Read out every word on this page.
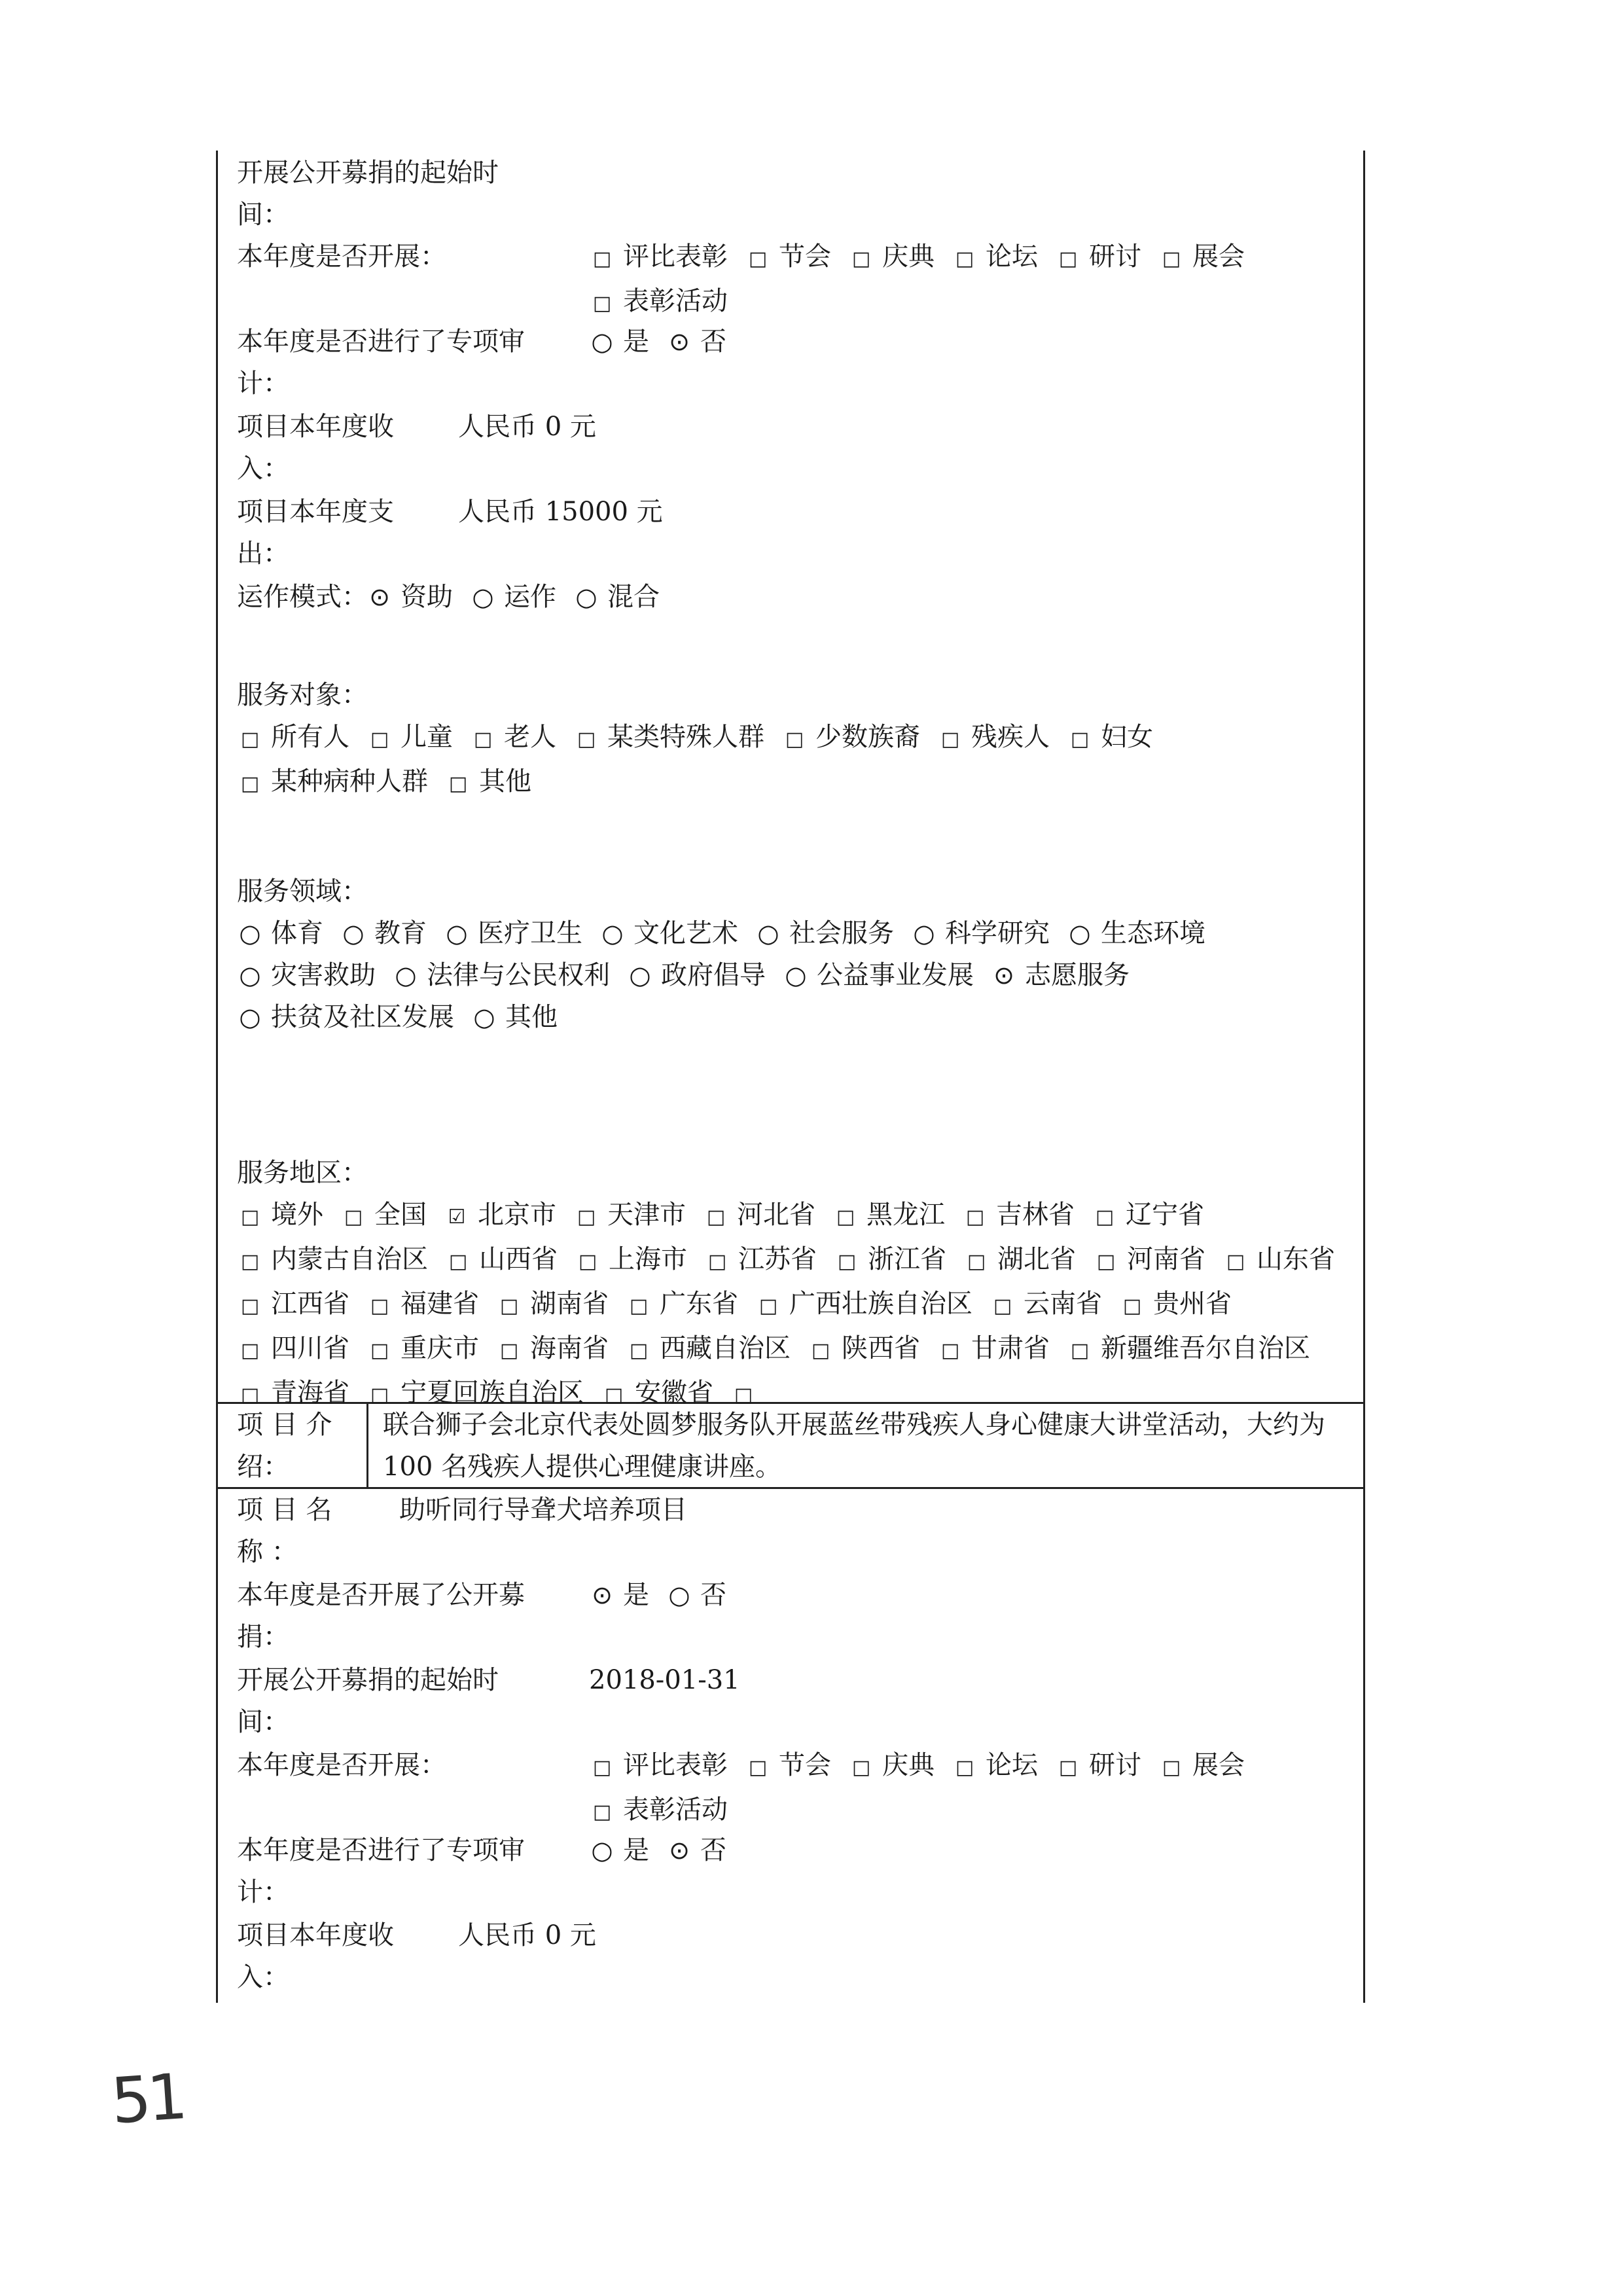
开展公开募捐的起始时
间：
本年度是否开展：	□ 评比表彰 □ 节会 □ 庆典 □ 论坛 □ 研讨 □ 展会□ 表彰活动
本年度是否进行了专项审
计：
○ 是 ⊙ 否
项目本年度收
入：
人民币 0 元
项目本年度支
出：
人民币 15000 元
运作模式： ⊙ 资助 ○ 运作 ○ 混合
服务对象：
□ 所有人 □ 儿童 □ 老人 □ 某类特殊人群 □ 少数族裔 □ 残疾人 □ 妇女□ 某种病种人群 □ 其他
服务领域：
○ 体育 ○ 教育 ○ 医疗卫生 ○ 文化艺术 ○ 社会服务 ○ 科学研究 ○ 生态环境○ 灾害救助 ○ 法律与公民权利 ○ 政府倡导 ○ 公益事业发展 ⊙ 志愿服务○ 扶贫及社区发展 ○ 其他
服务地区：
□ 境外 □ 全国 ☑ 北京市 □ 天津市 □ 河北省 □ 黑龙江 □ 吉林省 □ 辽宁省□ 内蒙古自治区 □ 山西省 □ 上海市 □ 江苏省 □ 浙江省 □ 湖北省 □ 河南省 □ 山东省□ 江西省 □ 福建省 □ 湖南省 □ 广东省 □ 广西壮族自治区 □ 云南省 □ 贵州省□ 四川省 □ 重庆市 □ 海南省 □ 西藏自治区 □ 陕西省 □ 甘肃省 □ 新疆维吾尔自治区□ 青海省 □ 宁夏回族自治区 □ 安徽省 □
项 目 介
绍：
联合狮子会北京代表处圆梦服务队开展蓝丝带残疾人身心健康大讲堂活动，大约为 100 名残疾人提供心理健康讲座。
项 目 名
称 ：
助听同行导聋犬培养项目
本年度是否开展了公开募
捐：
⊙ 是 ○ 否
开展公开募捐的起始时
间：
2018-01-31
本年度是否开展：	□ 评比表彰 □ 节会 □ 庆典 □ 论坛 □ 研讨 □ 展会□ 表彰活动
本年度是否进行了专项审
计：
○ 是 ⊙ 否
项目本年度收
入：
人民币 0 元
51
